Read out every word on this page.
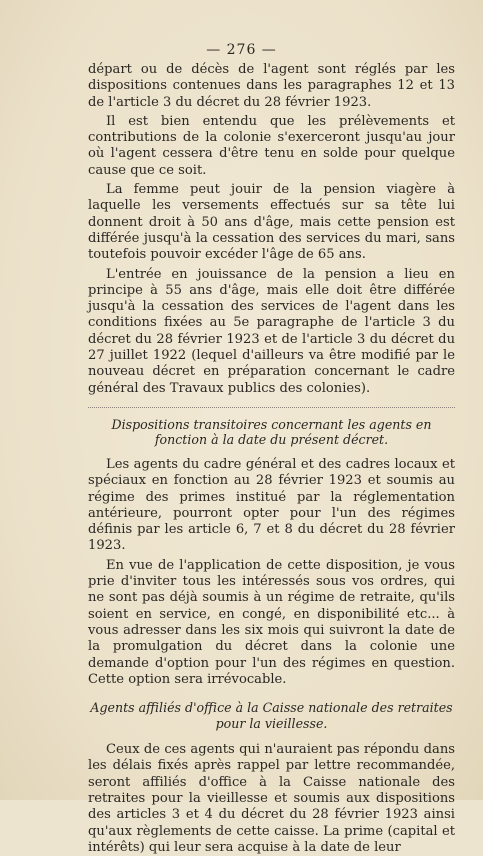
— 276 —

départ ou de décès de l'agent sont réglés par les dispositions contenues dans les paragraphes 12 et 13 de l'article 3 du décret du 28 février 1923.

Il est bien entendu que les prélèvements et contributions de la colonie s'exerceront jusqu'au jour où l'agent cessera d'être tenu en solde pour quelque cause que ce soit.

La femme peut jouir de la pension viagère à laquelle les versements effectués sur sa tête lui donnent droit à 50 ans d'âge, mais cette pension est différée jusqu'à la cessation des services du mari, sans toutefois pouvoir excéder l'âge de 65 ans.

L'entrée en jouissance de la pension a lieu en principe à 55 ans d'âge, mais elle doit être différée jusqu'à la cessation des services de l'agent dans les conditions fixées au 5e paragraphe de l'article 3 du décret du 28 février 1923 et de l'article 3 du décret du 27 juillet 1922 (lequel d'ailleurs va être modifié par le nouveau décret en préparation concernant le cadre général des Travaux publics des colonies).

Dispositions transitoires concernant les agents en fonction à la date du présent décret.

Les agents du cadre général et des cadres locaux et spéciaux en fonction au 28 février 1923 et soumis au régime des primes institué par la réglementation antérieure, pourront opter pour l'un des régimes définis par les article 6, 7 et 8 du décret du 28 février 1923.

En vue de l'application de cette disposition, je vous prie d'inviter tous les intéressés sous vos ordres, qui ne sont pas déjà soumis à un régime de retraite, qu'ils soient en service, en congé, en disponibilité etc... à vous adresser dans les six mois qui suivront la date de la promulgation du décret dans la colonie une demande d'option pour l'un des régimes en question. Cette option sera irrévocable.

Agents affiliés d'office à la Caisse nationale des retraites pour la vieillesse.

Ceux de ces agents qui n'auraient pas répondu dans les délais fixés après rappel par lettre recommandée, seront affiliés d'office à la Caisse nationale des retraites pour la vieillesse et soumis aux dispositions des articles 3 et 4 du décret du 28 février 1923 ainsi qu'aux règlements de cette caisse. La prime (capital et intérêts) qui leur sera acquise à la date de leur
